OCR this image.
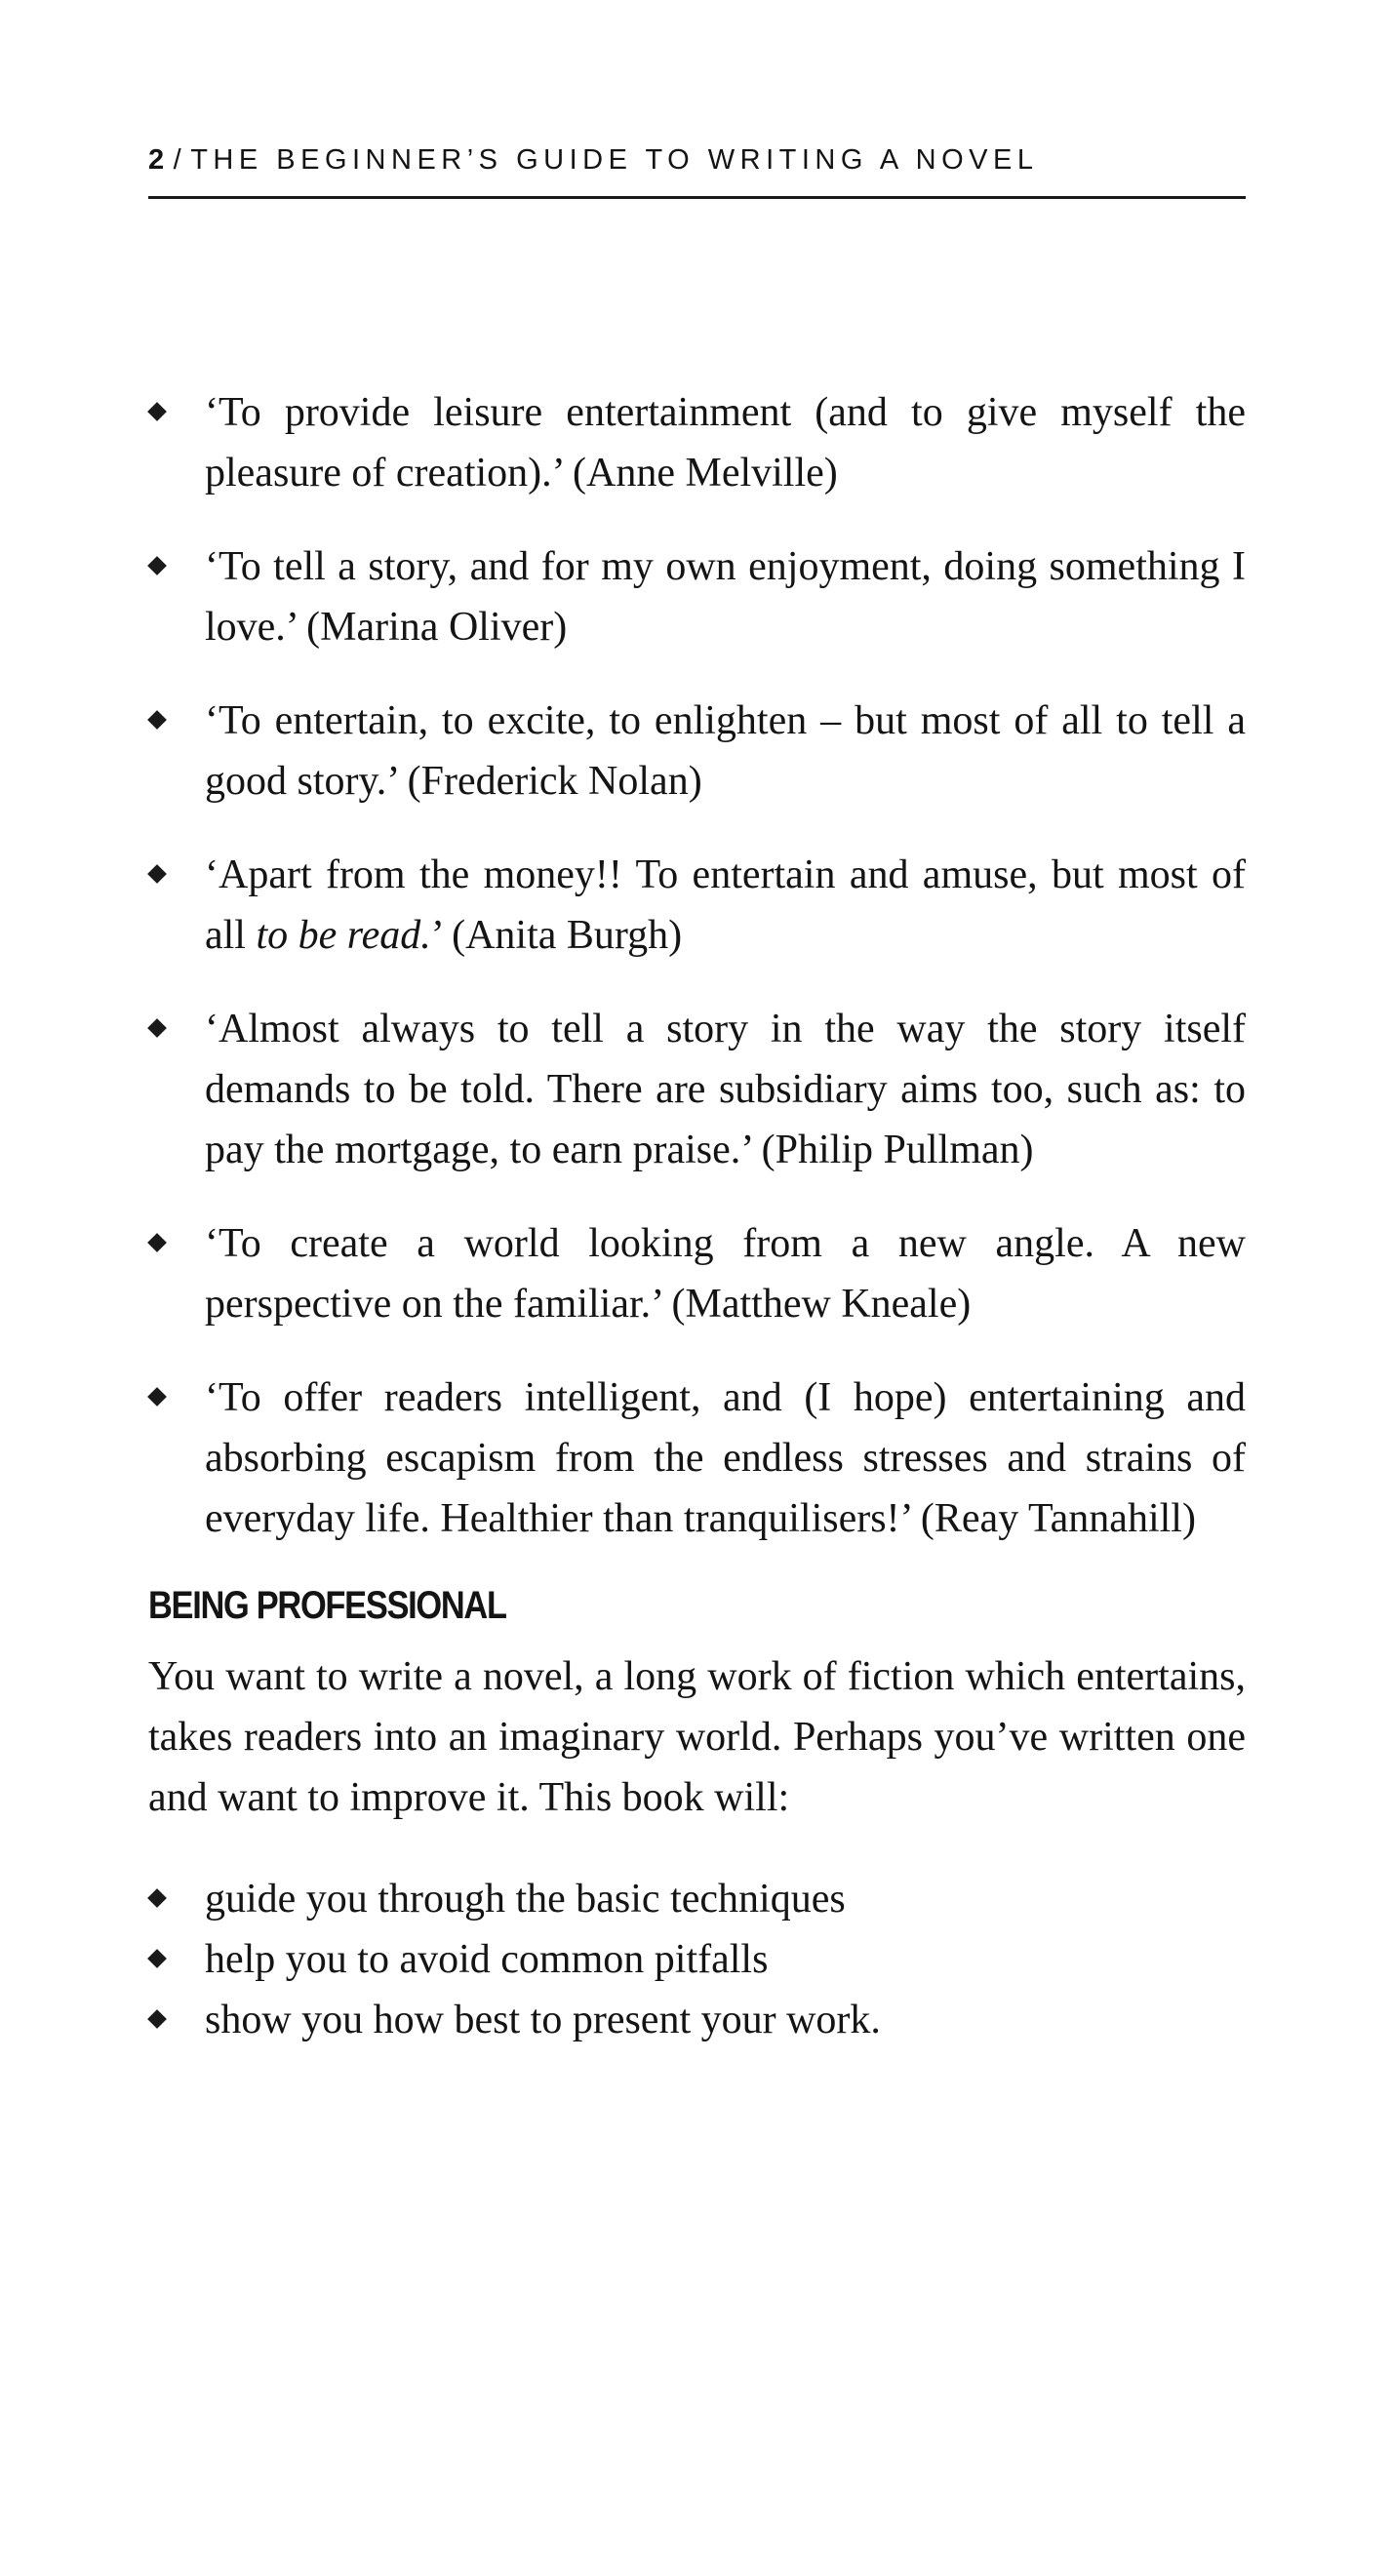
2 / THE BEGINNER’S GUIDE TO WRITING A NOVEL
‘To provide leisure entertainment (and to give myself the pleasure of creation).’ (Anne Melville)
‘To tell a story, and for my own enjoyment, doing something I love.’ (Marina Oliver)
‘To entertain, to excite, to enlighten – but most of all to tell a good story.’ (Frederick Nolan)
‘Apart from the money!! To entertain and amuse, but most of all to be read.’ (Anita Burgh)
‘Almost always to tell a story in the way the story itself demands to be told. There are subsidiary aims too, such as: to pay the mortgage, to earn praise.’ (Philip Pullman)
‘To create a world looking from a new angle. A new perspective on the familiar.’ (Matthew Kneale)
‘To offer readers intelligent, and (I hope) entertaining and absorbing escapism from the endless stresses and strains of everyday life. Healthier than tranquilisers!’ (Reay Tannahill)
BEING PROFESSIONAL

You want to write a novel, a long work of fiction which entertains, takes readers into an imaginary world. Perhaps you’ve written one and want to improve it. This book will:

guide you through the basic techniques
help you to avoid common pitfalls
show you how best to present your work.
